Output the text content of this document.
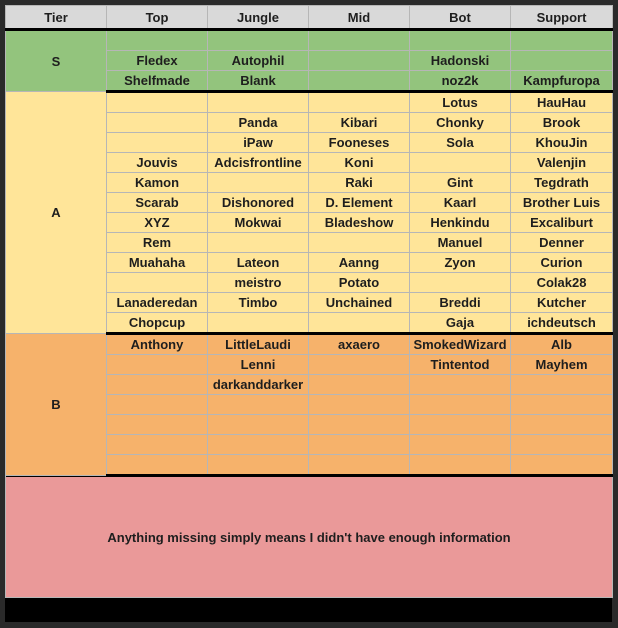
Tier	Top	Jungle	Mid	Bot	Support
S					
	Fledex	Autophil		Hadonski	
	Shelfmade	Blank		noz2k	Kampfuropa
A				Lotus	HauHau
		Panda	Kibari	Chonky	Brook
		iPaw	Fooneses	Sola	KhouJin
	Jouvis	Adcisfrontline	Koni		Valenjin
	Kamon		Raki	Gint	Tegdrath
	Scarab	Dishonored	D. Element	Kaarl	Brother Luis
	XYZ	Mokwai	Bladeshow	Henkindu	Excaliburt
	Rem			Manuel	Denner
	Muahaha	Lateon	Aanng	Zyon	Curion
		meistro	Potato		Colak28
	Lanaderedan	Timbo	Unchained	Breddi	Kutcher
	Chopcup			Gaja	ichdeutsch
B	Anthony	LittleLaudi	axaero	SmokedWizard	Alb
		Lenni		Tintentod	Mayhem
		darkanddarker			

Anything missing simply means I didn't have enough information					
